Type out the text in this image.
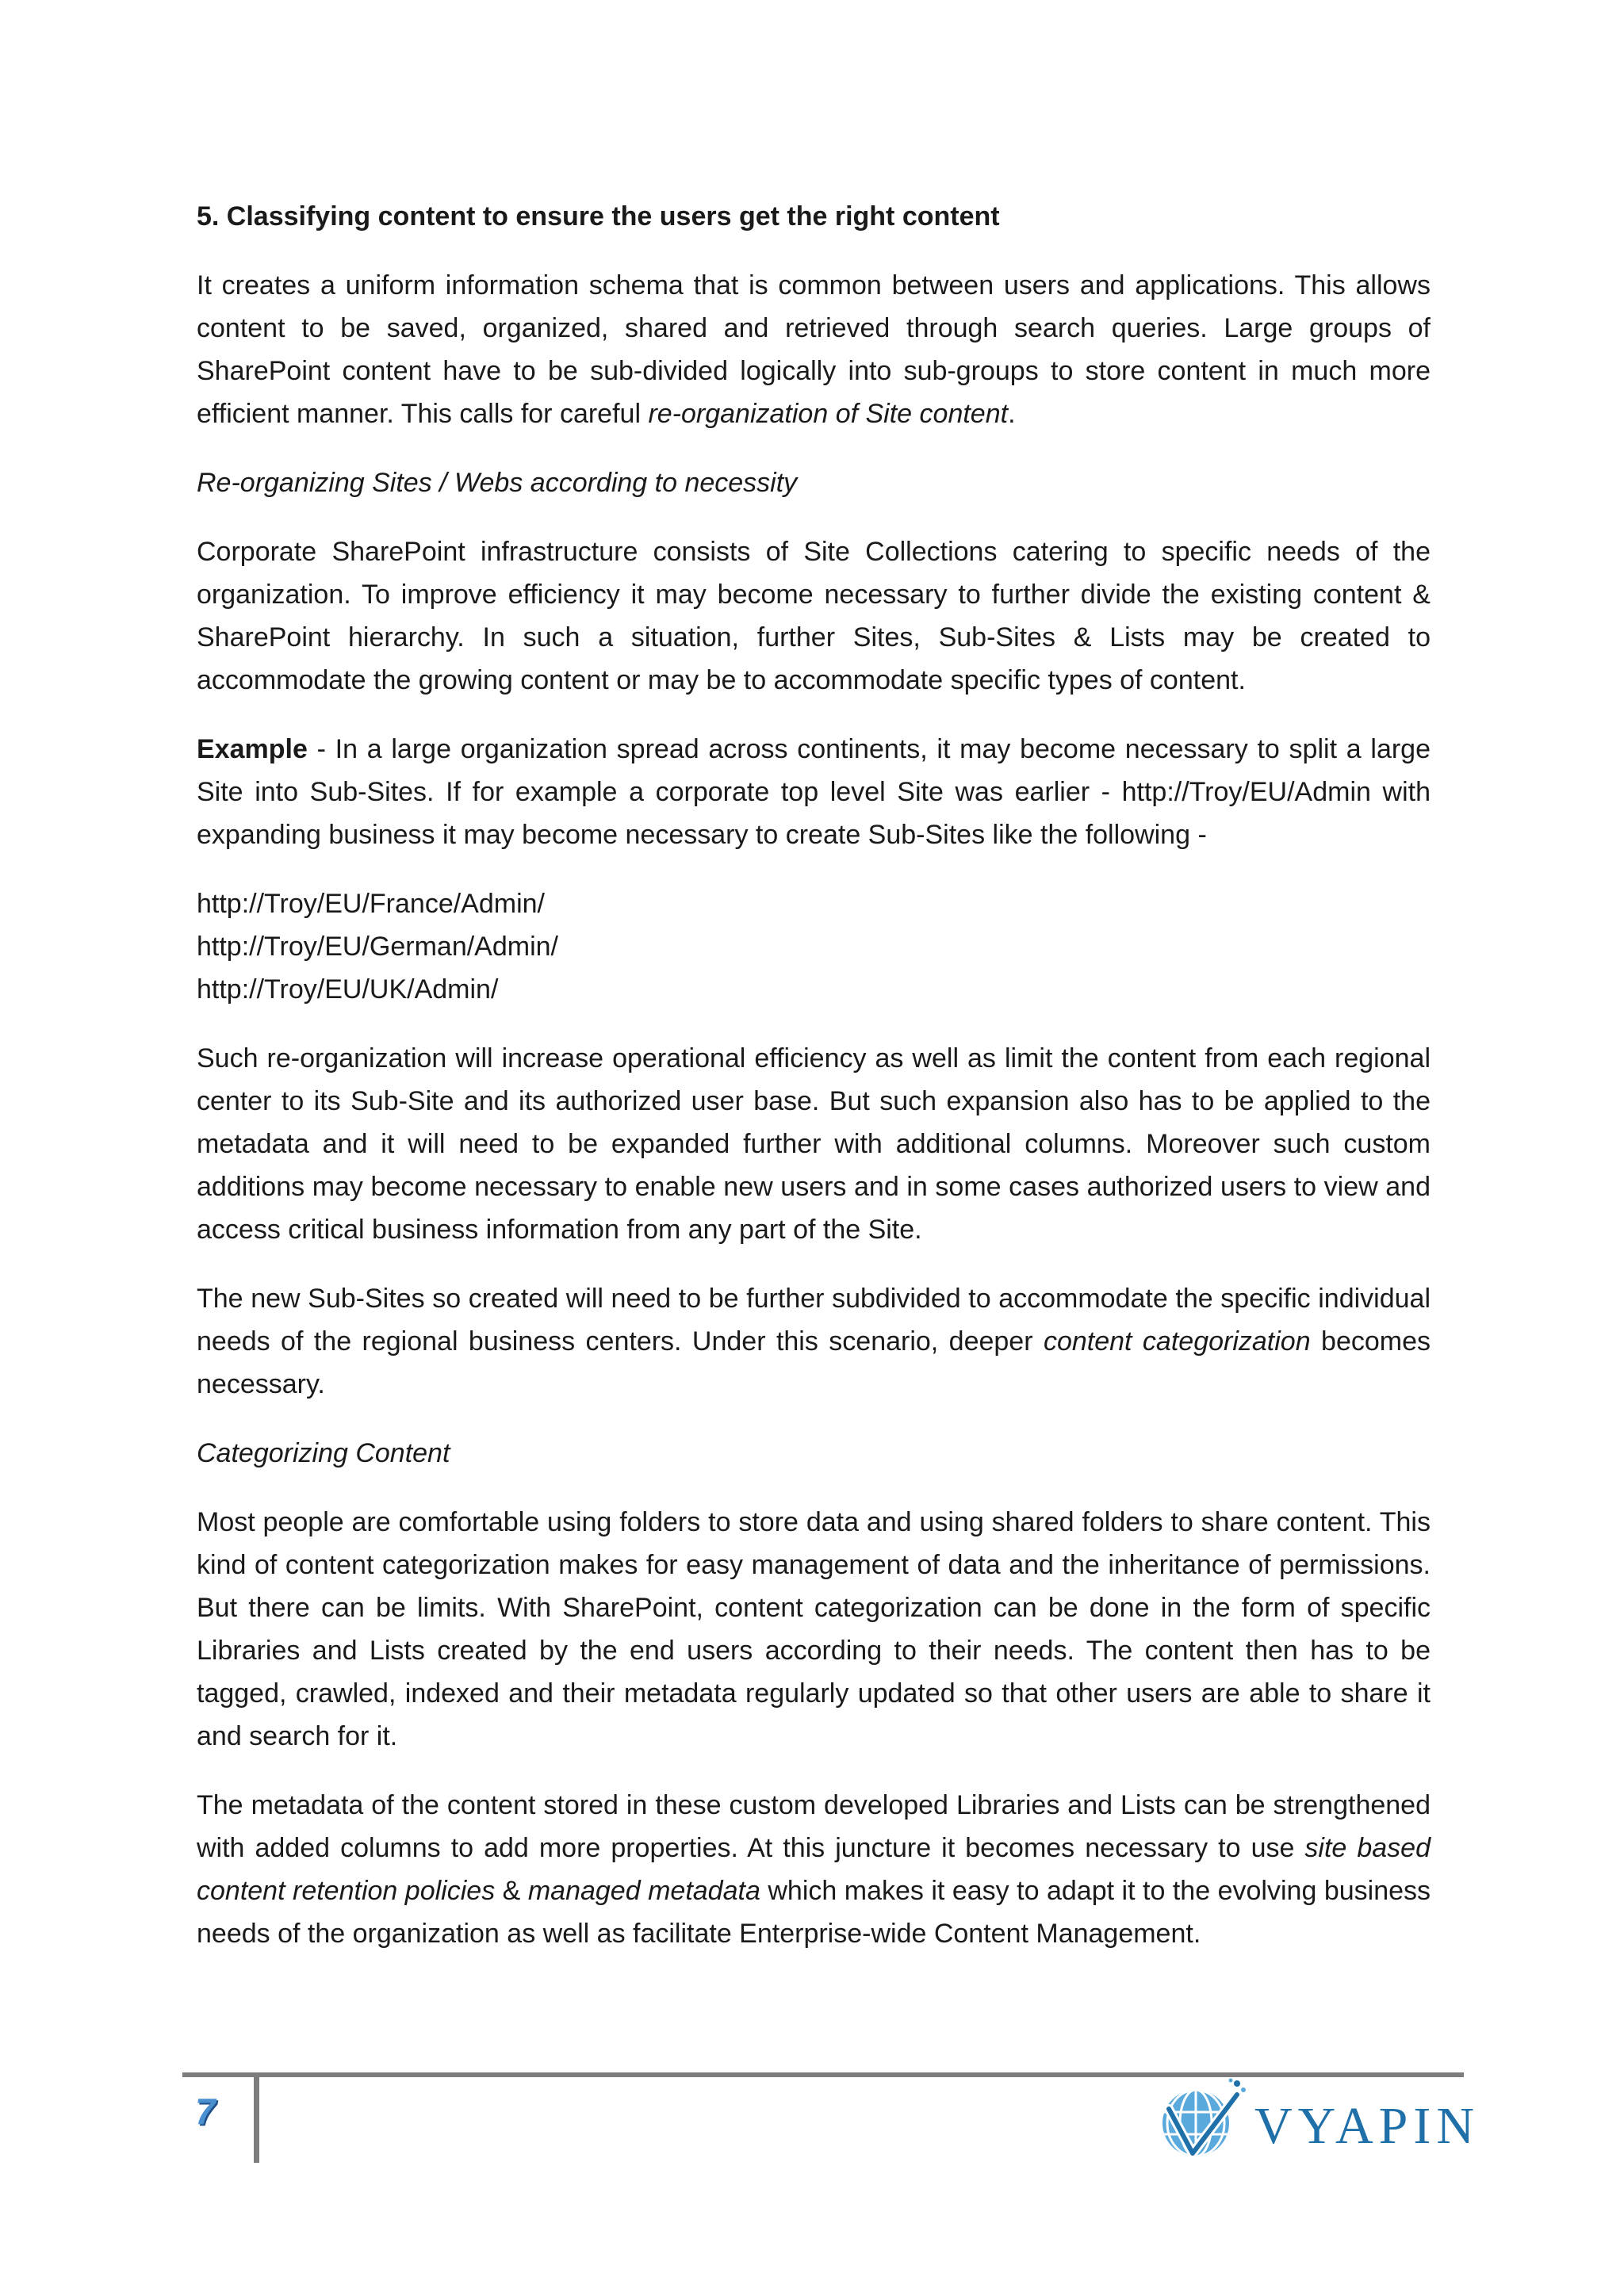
5. Classifying content to ensure the users get the right content

It creates a uniform information schema that is common between users and applications. This allows content to be saved, organized, shared and retrieved through search queries. Large groups of SharePoint content have to be sub-divided logically into sub-groups to store content in much more efficient manner. This calls for careful re-organization of Site content.

Re-organizing Sites / Webs according to necessity

Corporate SharePoint infrastructure consists of Site Collections catering to specific needs of the organization. To improve efficiency it may become necessary to further divide the existing content & SharePoint hierarchy. In such a situation, further Sites, Sub-Sites & Lists may be created to accommodate the growing content or may be to accommodate specific types of content.

Example - In a large organization spread across continents, it may become necessary to split a large Site into Sub-Sites. If for example a corporate top level Site was earlier - http://Troy/EU/Admin with expanding business it may become necessary to create Sub-Sites like the following -

http://Troy/EU/France/Admin/
http://Troy/EU/German/Admin/
http://Troy/EU/UK/Admin/

Such re-organization will increase operational efficiency as well as limit the content from each regional center to its Sub-Site and its authorized user base. But such expansion also has to be applied to the metadata and it will need to be expanded further with additional columns. Moreover such custom additions may become necessary to enable new users and in some cases authorized users to view and access critical business information from any part of the Site.

The new Sub-Sites so created will need to be further subdivided to accommodate the specific individual needs of the regional business centers. Under this scenario, deeper content categorization becomes necessary.

Categorizing Content

Most people are comfortable using folders to store data and using shared folders to share content. This kind of content categorization makes for easy management of data and the inheritance of permissions. But there can be limits. With SharePoint, content categorization can be done in the form of specific Libraries and Lists created by the end users according to their needs. The content then has to be tagged, crawled, indexed and their metadata regularly updated so that other users are able to share it and search for it.

The metadata of the content stored in these custom developed Libraries and Lists can be strengthened with added columns to add more properties. At this juncture it becomes necessary to use site based content retention policies & managed metadata which makes it easy to adapt it to the evolving business needs of the organization as well as facilitate Enterprise-wide Content Management.

7	VYAPIN
